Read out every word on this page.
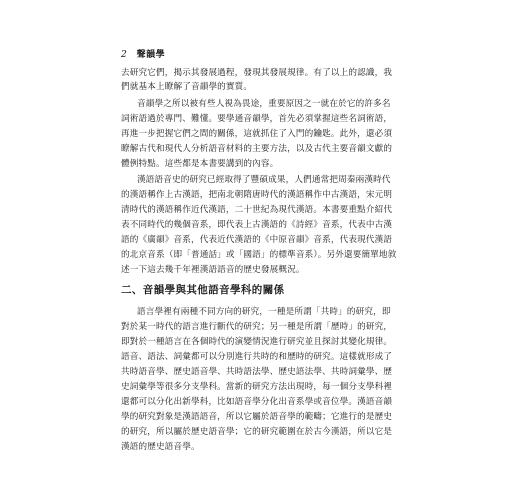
2 聲韻學
去研究它們，揭示其發展過程，發現其發展規律。有了以上的認識，我
們就基本上瞭解了音韻學的實質。
音韻學之所以被有些人視為畏途，重要原因之一就在於它的許多名
詞術語過於專門、難懂。要學通音韻學，首先必須掌握這些名詞術語，
再進一步把握它們之間的關係，這就抓住了入門的鑰匙。此外，還必須
瞭解古代和現代人分析語音材料的主要方法，以及古代主要音韻文獻的
體例特點。這些都是本書要講到的內容。
漢語語音史的研究已經取得了豐碩成果，人們通常把周秦兩漢時代
的漢語稱作上古漢語，把南北朝隋唐時代的漢語稱作中古漢語，宋元明
清時代的漢語稱作近代漢語，二十世紀為現代漢語。本書要重點介紹代
表不同時代的幾個音系，即代表上古漢語的《詩經》音系，代表中古漢
語的《廣韻》音系，代表近代漢語的《中原音韻》音系，代表現代漢語
的北京音系（即「普通話」或「國語」的標準音系）。另外還要簡單地敘
述一下這去幾千年裡漢語語音的歷史發展概況。
二、音韻學與其他語音學科的關係
語言學裡有兩種不同方向的研究，一種是所謂「共時」的研究，即
對於某一時代的語言進行斷代的研究；另一種是所謂「歷時」的研究，
即對於一種語言在各個時代的演變情況進行研究並且探討其變化規律。
語音、語法、詞彙都可以分別進行共時的和歷時的研究。這樣就形成了
共時語音學、歷史語音學、共時語法學、歷史語法學、共時詞彙學、歷
史詞彙學等很多分支學科。當新的研究方法出現時，每一個分支學科裡
還都可以分化出新學科，比如語音學分化出音系學或音位學。漢語音韻
學的研究對象是漢語語音，所以它屬於語音學的範疇；它進行的是歷史
的研究，所以屬於歷史語音學；它的研究範圍在於古今漢語，所以它是
漢語的歷史語音學。
